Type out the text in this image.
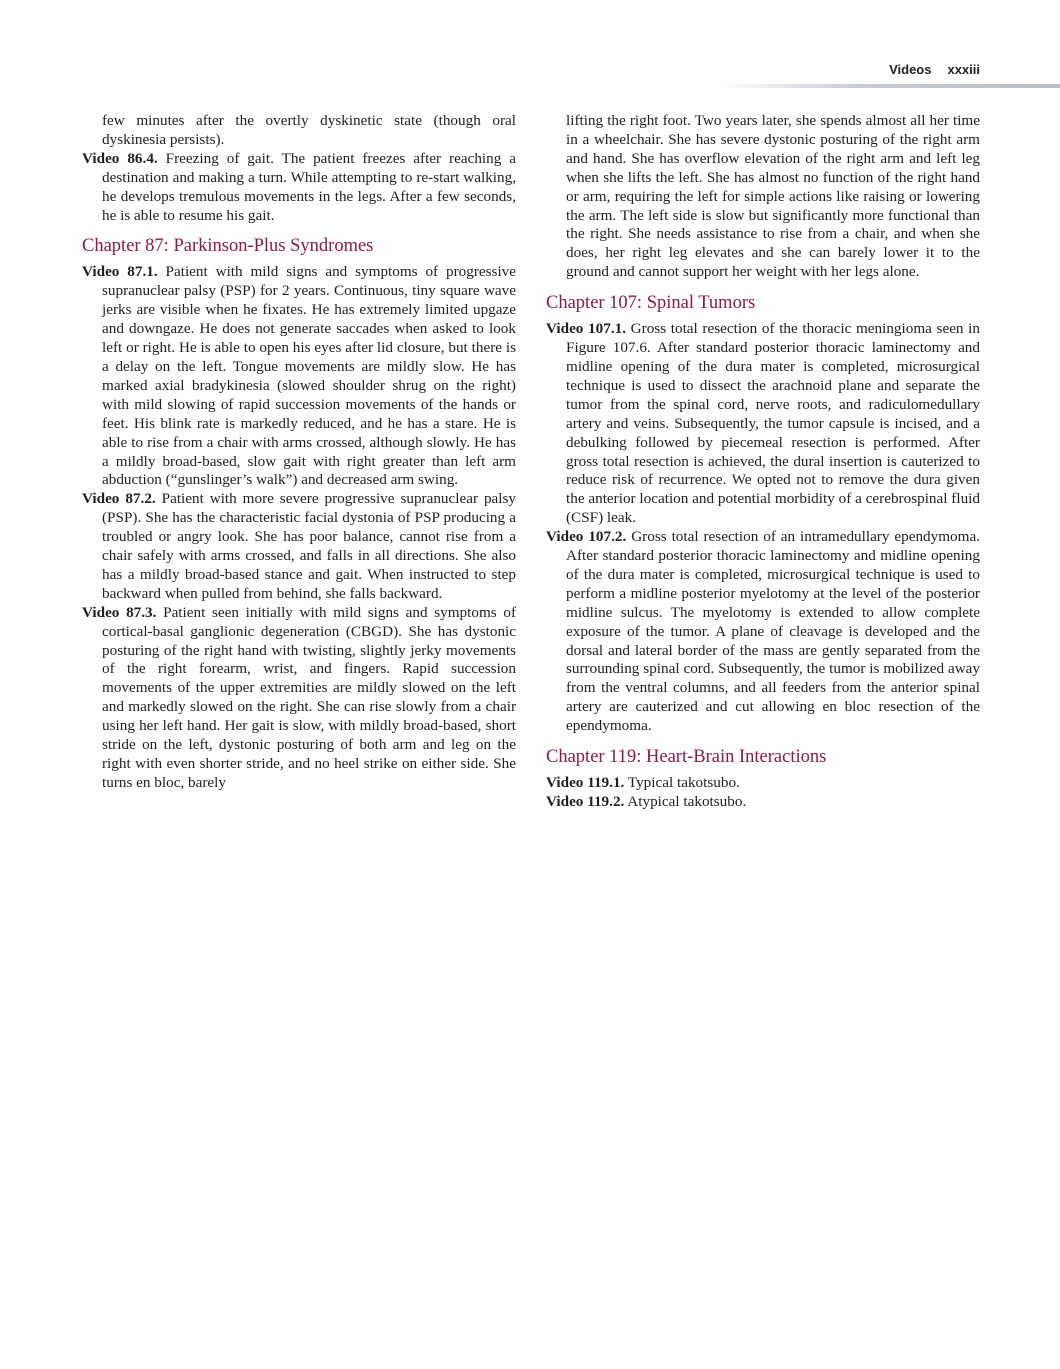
Videos xxxiii

few minutes after the overtly dyskinetic state (though oral dyskinesia persists).

Video 86.4. Freezing of gait. The patient freezes after reaching a destination and making a turn. While attempting to re-start walking, he develops tremulous movements in the legs. After a few seconds, he is able to resume his gait.

Chapter 87: Parkinson-Plus Syndromes

Video 87.1. Patient with mild signs and symptoms of progressive supranuclear palsy (PSP) for 2 years. Continuous, tiny square wave jerks are visible when he fixates. He has extremely limited upgaze and downgaze. He does not generate saccades when asked to look left or right. He is able to open his eyes after lid closure, but there is a delay on the left. Tongue movements are mildly slow. He has marked axial bradykinesia (slowed shoulder shrug on the right) with mild slowing of rapid succession movements of the hands or feet. His blink rate is markedly reduced, and he has a stare. He is able to rise from a chair with arms crossed, although slowly. He has a mildly broad-based, slow gait with right greater than left arm abduction (“gunslinger’s walk”) and decreased arm swing.

Video 87.2. Patient with more severe progressive supranuclear palsy (PSP). She has the characteristic facial dystonia of PSP producing a troubled or angry look. She has poor balance, cannot rise from a chair safely with arms crossed, and falls in all directions. She also has a mildly broad-based stance and gait. When instructed to step backward when pulled from behind, she falls backward.

Video 87.3. Patient seen initially with mild signs and symptoms of cortical-basal ganglionic degeneration (CBGD). She has dystonic posturing of the right hand with twisting, slightly jerky movements of the right forearm, wrist, and fingers. Rapid succession movements of the upper extremities are mildly slowed on the left and markedly slowed on the right. She can rise slowly from a chair using her left hand. Her gait is slow, with mildly broad-based, short stride on the left, dystonic posturing of both arm and leg on the right with even shorter stride, and no heel strike on either side. She turns en bloc, barely

lifting the right foot. Two years later, she spends almost all her time in a wheelchair. She has severe dystonic posturing of the right arm and hand. She has overflow elevation of the right arm and left leg when she lifts the left. She has almost no function of the right hand or arm, requiring the left for simple actions like raising or lowering the arm. The left side is slow but significantly more functional than the right. She needs assistance to rise from a chair, and when she does, her right leg elevates and she can barely lower it to the ground and cannot support her weight with her legs alone.

Chapter 107: Spinal Tumors

Video 107.1. Gross total resection of the thoracic meningioma seen in Figure 107.6. After standard posterior thoracic laminectomy and midline opening of the dura mater is completed, microsurgical technique is used to dissect the arachnoid plane and separate the tumor from the spinal cord, nerve roots, and radiculomedullary artery and veins. Subsequently, the tumor capsule is incised, and a debulking followed by piecemeal resection is performed. After gross total resection is achieved, the dural insertion is cauterized to reduce risk of recurrence. We opted not to remove the dura given the anterior location and potential morbidity of a cerebrospinal fluid (CSF) leak.

Video 107.2. Gross total resection of an intramedullary ependymoma. After standard posterior thoracic laminectomy and midline opening of the dura mater is completed, microsurgical technique is used to perform a midline posterior myelotomy at the level of the posterior midline sulcus. The myelotomy is extended to allow complete exposure of the tumor. A plane of cleavage is developed and the dorsal and lateral border of the mass are gently separated from the surrounding spinal cord. Subsequently, the tumor is mobilized away from the ventral columns, and all feeders from the anterior spinal artery are cauterized and cut allowing en bloc resection of the ependymoma.

Chapter 119: Heart-Brain Interactions

Video 119.1. Typical takotsubo.

Video 119.2. Atypical takotsubo.
